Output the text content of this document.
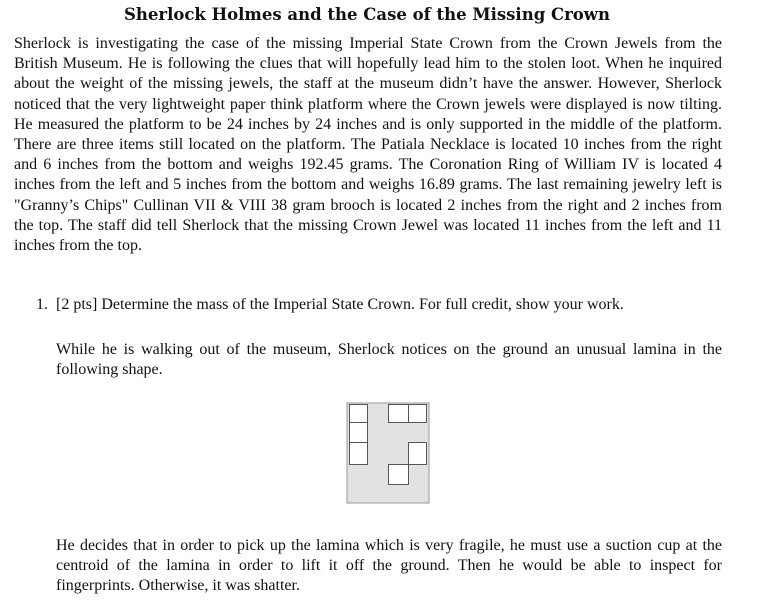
Sherlock Holmes and the Case of the Missing Crown
Sherlock is investigating the case of the missing Imperial State Crown from the Crown Jewels from the British Museum. He is following the clues that will hopefully lead him to the stolen loot. When he inquired about the weight of the missing jewels, the staff at the museum didn’t have the answer. However, Sherlock noticed that the very lightweight paper think platform where the Crown jewels were displayed is now tilting. He measured the platform to be 24 inches by 24 inches and is only supported in the middle of the platform. There are three items still located on the platform. The Patiala Necklace is located 10 inches from the right and 6 inches from the bottom and weighs 192.45 grams. The Coronation Ring of William IV is located 4 inches from the left and 5 inches from the bottom and weighs 16.89 grams. The last remaining jewelry left is "Granny’s Chips" Cullinan VII & VIII 38 gram brooch is located 2 inches from the right and 2 inches from the top. The staff did tell Sherlock that the missing Crown Jewel was located 11 inches from the left and 11 inches from the top.
1. [2 pts] Determine the mass of the Imperial State Crown. For full credit, show your work.
While he is walking out of the museum, Sherlock notices on the ground an unusual lamina in the following shape.
He decides that in order to pick up the lamina which is very fragile, he must use a suction cup at the centroid of the lamina in order to lift it off the ground. Then he would be able to inspect for fingerprints. Otherwise, it was shatter.
